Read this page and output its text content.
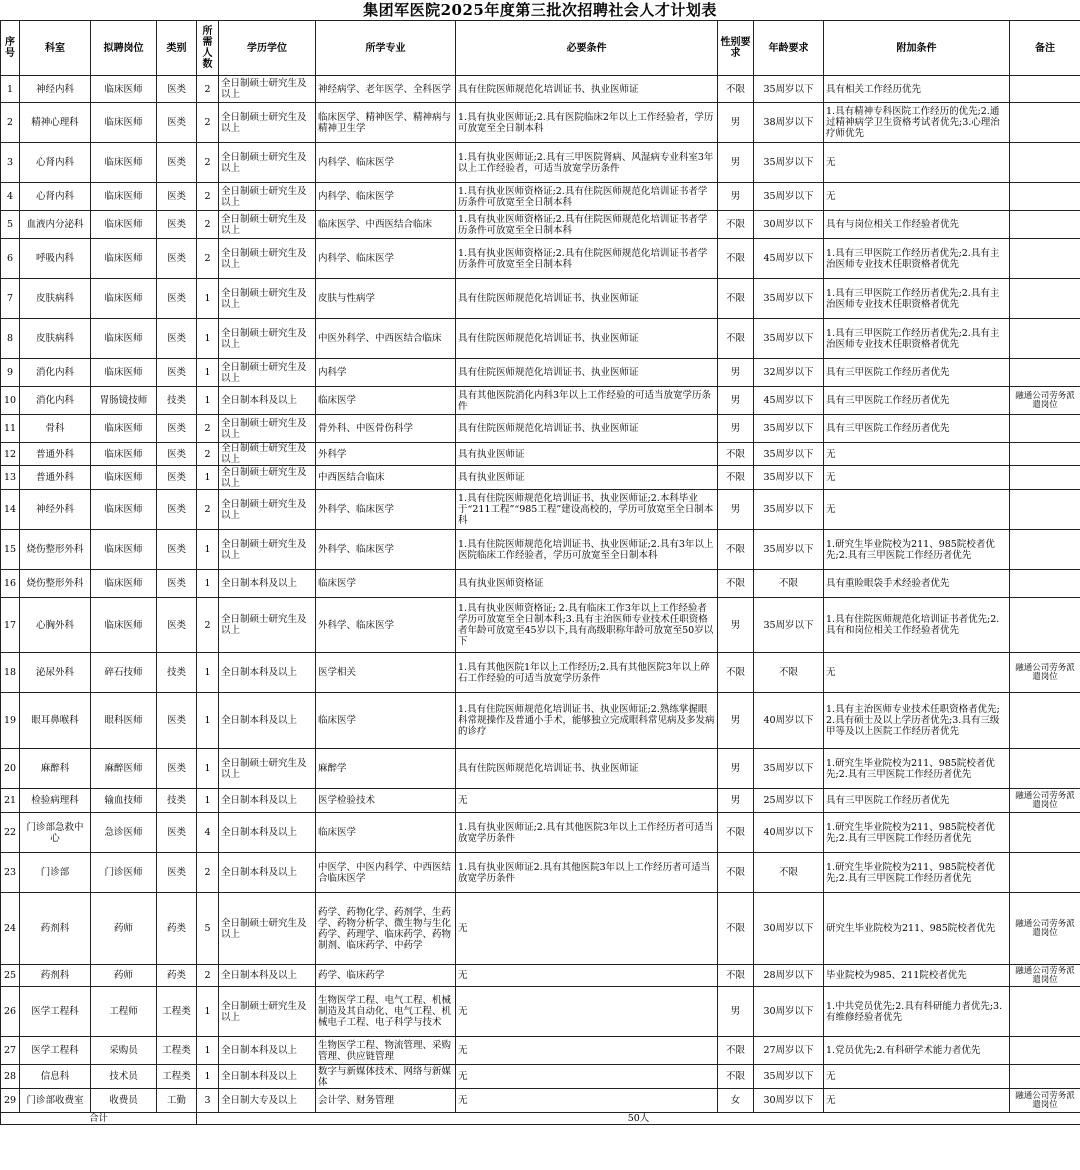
集团军医院2025年度第三批次招聘社会人才计划表
序号	科室	拟聘岗位	类别	所需人数	学历学位	所学专业	必要条件	性别要求	年龄要求	附加条件	备注
1	神经内科	临床医师	医类	2	全日制硕士研究生及以上	神经病学、老年医学、全科医学	具有住院医师规范化培训证书、执业医师证	不限	35周岁以下	具有相关工作经历优先	
2	精神心理科	临床医师	医类	2	全日制硕士研究生及以上	临床医学、精神医学、精神病与精神卫生学	1.具有执业医师证;2.具有医院临床2年以上工作经验者，学历可放宽至全日制本科	男	38周岁以下	1.具有精神专科医院工作经历的优先;2.通过精神病学卫生资格考试者优先;3.心理治疗师优先	
3	心肾内科	临床医师	医类	2	全日制硕士研究生及以上	内科学、临床医学	1.具有执业医师证;2.具有三甲医院肾病、风湿病专业科室3年以上工作经验者，可适当放宽学历条件	男	35周岁以下	无	
4	心肾内科	临床医师	医类	2	全日制硕士研究生及以上	内科学、临床医学	1.具有执业医师资格证;2.具有住院医师规范化培训证书者学历条件可放宽至全日制本科	男	35周岁以下	无	
5	血液内分泌科	临床医师	医类	2	全日制硕士研究生及以上	临床医学、中西医结合临床	1.具有执业医师资格证;2.具有住院医师规范化培训证书者学历条件可放宽至全日制本科	不限	30周岁以下	具有与岗位相关工作经验者优先	
6	呼吸内科	临床医师	医类	2	全日制硕士研究生及以上	内科学、临床医学	1.具有执业医师资格证;2.具有住院医师规范化培训证书者学历条件可放宽至全日制本科	不限	45周岁以下	1.具有三甲医院工作经历者优先;2.具有主治医师专业技术任职资格者优先	
7	皮肤病科	临床医师	医类	1	全日制硕士研究生及以上	皮肤与性病学	具有住院医师规范化培训证书、执业医师证	不限	35周岁以下	1.具有三甲医院工作经历者优先;2.具有主治医师专业技术任职资格者优先	
8	皮肤病科	临床医师	医类	1	全日制硕士研究生及以上	中医外科学、中西医结合临床	具有住院医师规范化培训证书、执业医师证	不限	35周岁以下	1.具有三甲医院工作经历者优先;2.具有主治医师专业技术任职资格者优先	
9	消化内科	临床医师	医类	1	全日制硕士研究生及以上	内科学	具有住院医师规范化培训证书、执业医师证	男	32周岁以下	具有三甲医院工作经历者优先	
10	消化内科	胃肠镜技师	技类	1	全日制本科及以上	临床医学	具有其他医院消化内科3年以上工作经验的可适当放宽学历条件	男	45周岁以下	具有三甲医院工作经历者优先	融通公司劳务派遣岗位
11	骨科	临床医师	医类	2	全日制硕士研究生及以上	骨外科、中医骨伤科学	具有住院医师规范化培训证书、执业医师证	男	35周岁以下	具有三甲医院工作经历者优先	
12	普通外科	临床医师	医类	2	全日制硕士研究生及以上	外科学	具有执业医师证	不限	35周岁以下	无	
13	普通外科	临床医师	医类	1	全日制硕士研究生及以上	中西医结合临床	具有执业医师证	不限	35周岁以下	无	
14	神经外科	临床医师	医类	2	全日制硕士研究生及以上	外科学、临床医学	1.具有住院医师规范化培训证书、执业医师证;2.本科毕业于“211工程”“985工程”建设高校的，学历可放宽至全日制本科	男	35周岁以下	无	
15	烧伤整形外科	临床医师	医类	1	全日制硕士研究生及以上	外科学、临床医学	1.具有住院医师规范化培训证书、执业医师证;2.具有3年以上医院临床工作经验者，学历可放宽至全日制本科	不限	35周岁以下	1.研究生毕业院校为211、985院校者优先;2.具有三甲医院工作经历者优先	
16	烧伤整形外科	临床医师	医类	1	全日制本科及以上	临床医学	具有执业医师资格证	不限	不限	具有重睑眼袋手术经验者优先	
17	心胸外科	临床医师	医类	2	全日制硕士研究生及以上	外科学、临床医学	1.具有执业医师资格证; 2.具有临床工作3年以上工作经验者学历可放宽至全日制本科;3.具有主治医师专业技术任职资格者年龄可放宽至45岁以下,具有高级职称年龄可放宽至50岁以下	男	35周岁以下	1.具有住院医师规范化培训证书者优先;2.具有和岗位相关工作经验者优先	
18	泌尿外科	碎石技师	技类	1	全日制本科及以上	医学相关	1.具有其他医院1年以上工作经历;2.具有其他医院3年以上碎石工作经验的可适当放宽学历条件	不限	不限	无	融通公司劳务派遣岗位
19	眼耳鼻喉科	眼科医师	医类	1	全日制本科及以上	临床医学	1.具有住院医师规范化培训证书、执业医师证;2.熟练掌握眼科常规操作及普通小手术，能够独立完成眼科常见病及多发病的诊疗	男	40周岁以下	1.具有主治医师专业技术任职资格者优先;2.具有硕士及以上学历者优先;3.具有三级甲等及以上医院工作经历者优先	
20	麻醉科	麻醉医师	医类	1	全日制硕士研究生及以上	麻醉学	具有住院医师规范化培训证书、执业医师证	男	35周岁以下	1.研究生毕业院校为211、985院校者优先;2.具有三甲医院工作经历者优先	
21	检验病理科	输血技师	技类	1	全日制本科及以上	医学检验技术	无	男	25周岁以下	具有三甲医院工作经历者优先	融通公司劳务派遣岗位
22	门诊部急救中心	急诊医师	医类	4	全日制本科及以上	临床医学	1.具有执业医师证;2.具有其他医院3年以上工作经历者可适当放宽学历条件	不限	40周岁以下	1.研究生毕业院校为211、985院校者优先;2.具有三甲医院工作经历者优先	
23	门诊部	门诊医师	医类	2	全日制本科及以上	中医学、中医内科学、中西医结合临床医学	1.具有执业医师证2.具有其他医院3年以上工作经历者可适当放宽学历条件	不限	不限	1.研究生毕业院校为211、985院校者优先;2.具有三甲医院工作经历者优先	
24	药剂科	药师	药类	5	全日制硕士研究生及以上	药学、药物化学、药剂学、生药学、药物分析学、微生物与生化药学、药理学、临床药学、药物制剂、临床药学、中药学	无	不限	30周岁以下	研究生毕业院校为211、985院校者优先	融通公司劳务派遣岗位
25	药剂科	药师	药类	2	全日制本科及以上	药学、临床药学	无	不限	28周岁以下	毕业院校为985、211院校者优先	融通公司劳务派遣岗位
26	医学工程科	工程师	工程类	1	全日制硕士研究生及以上	生物医学工程、电气工程、机械制造及其自动化、电气工程、机械电子工程、电子科学与技术	无	男	30周岁以下	1.中共党员优先;2.具有科研能力者优先;3.有维修经验者优先	
27	医学工程科	采购员	工程类	1	全日制本科及以上	生物医学工程、物流管理、采购管理、供应链管理	无	不限	27周岁以下	1.党员优先;2.有科研学术能力者优先	
28	信息科	技术员	工程类	1	全日制本科及以上	数字与新媒体技术、网络与新媒体	无	不限	35周岁以下	无	
29	门诊部收费室	收费员	工勤	3	全日制大专及以上	会计学、财务管理	无	女	30周岁以下	无	融通公司劳务派遣岗位
合计				50人							
